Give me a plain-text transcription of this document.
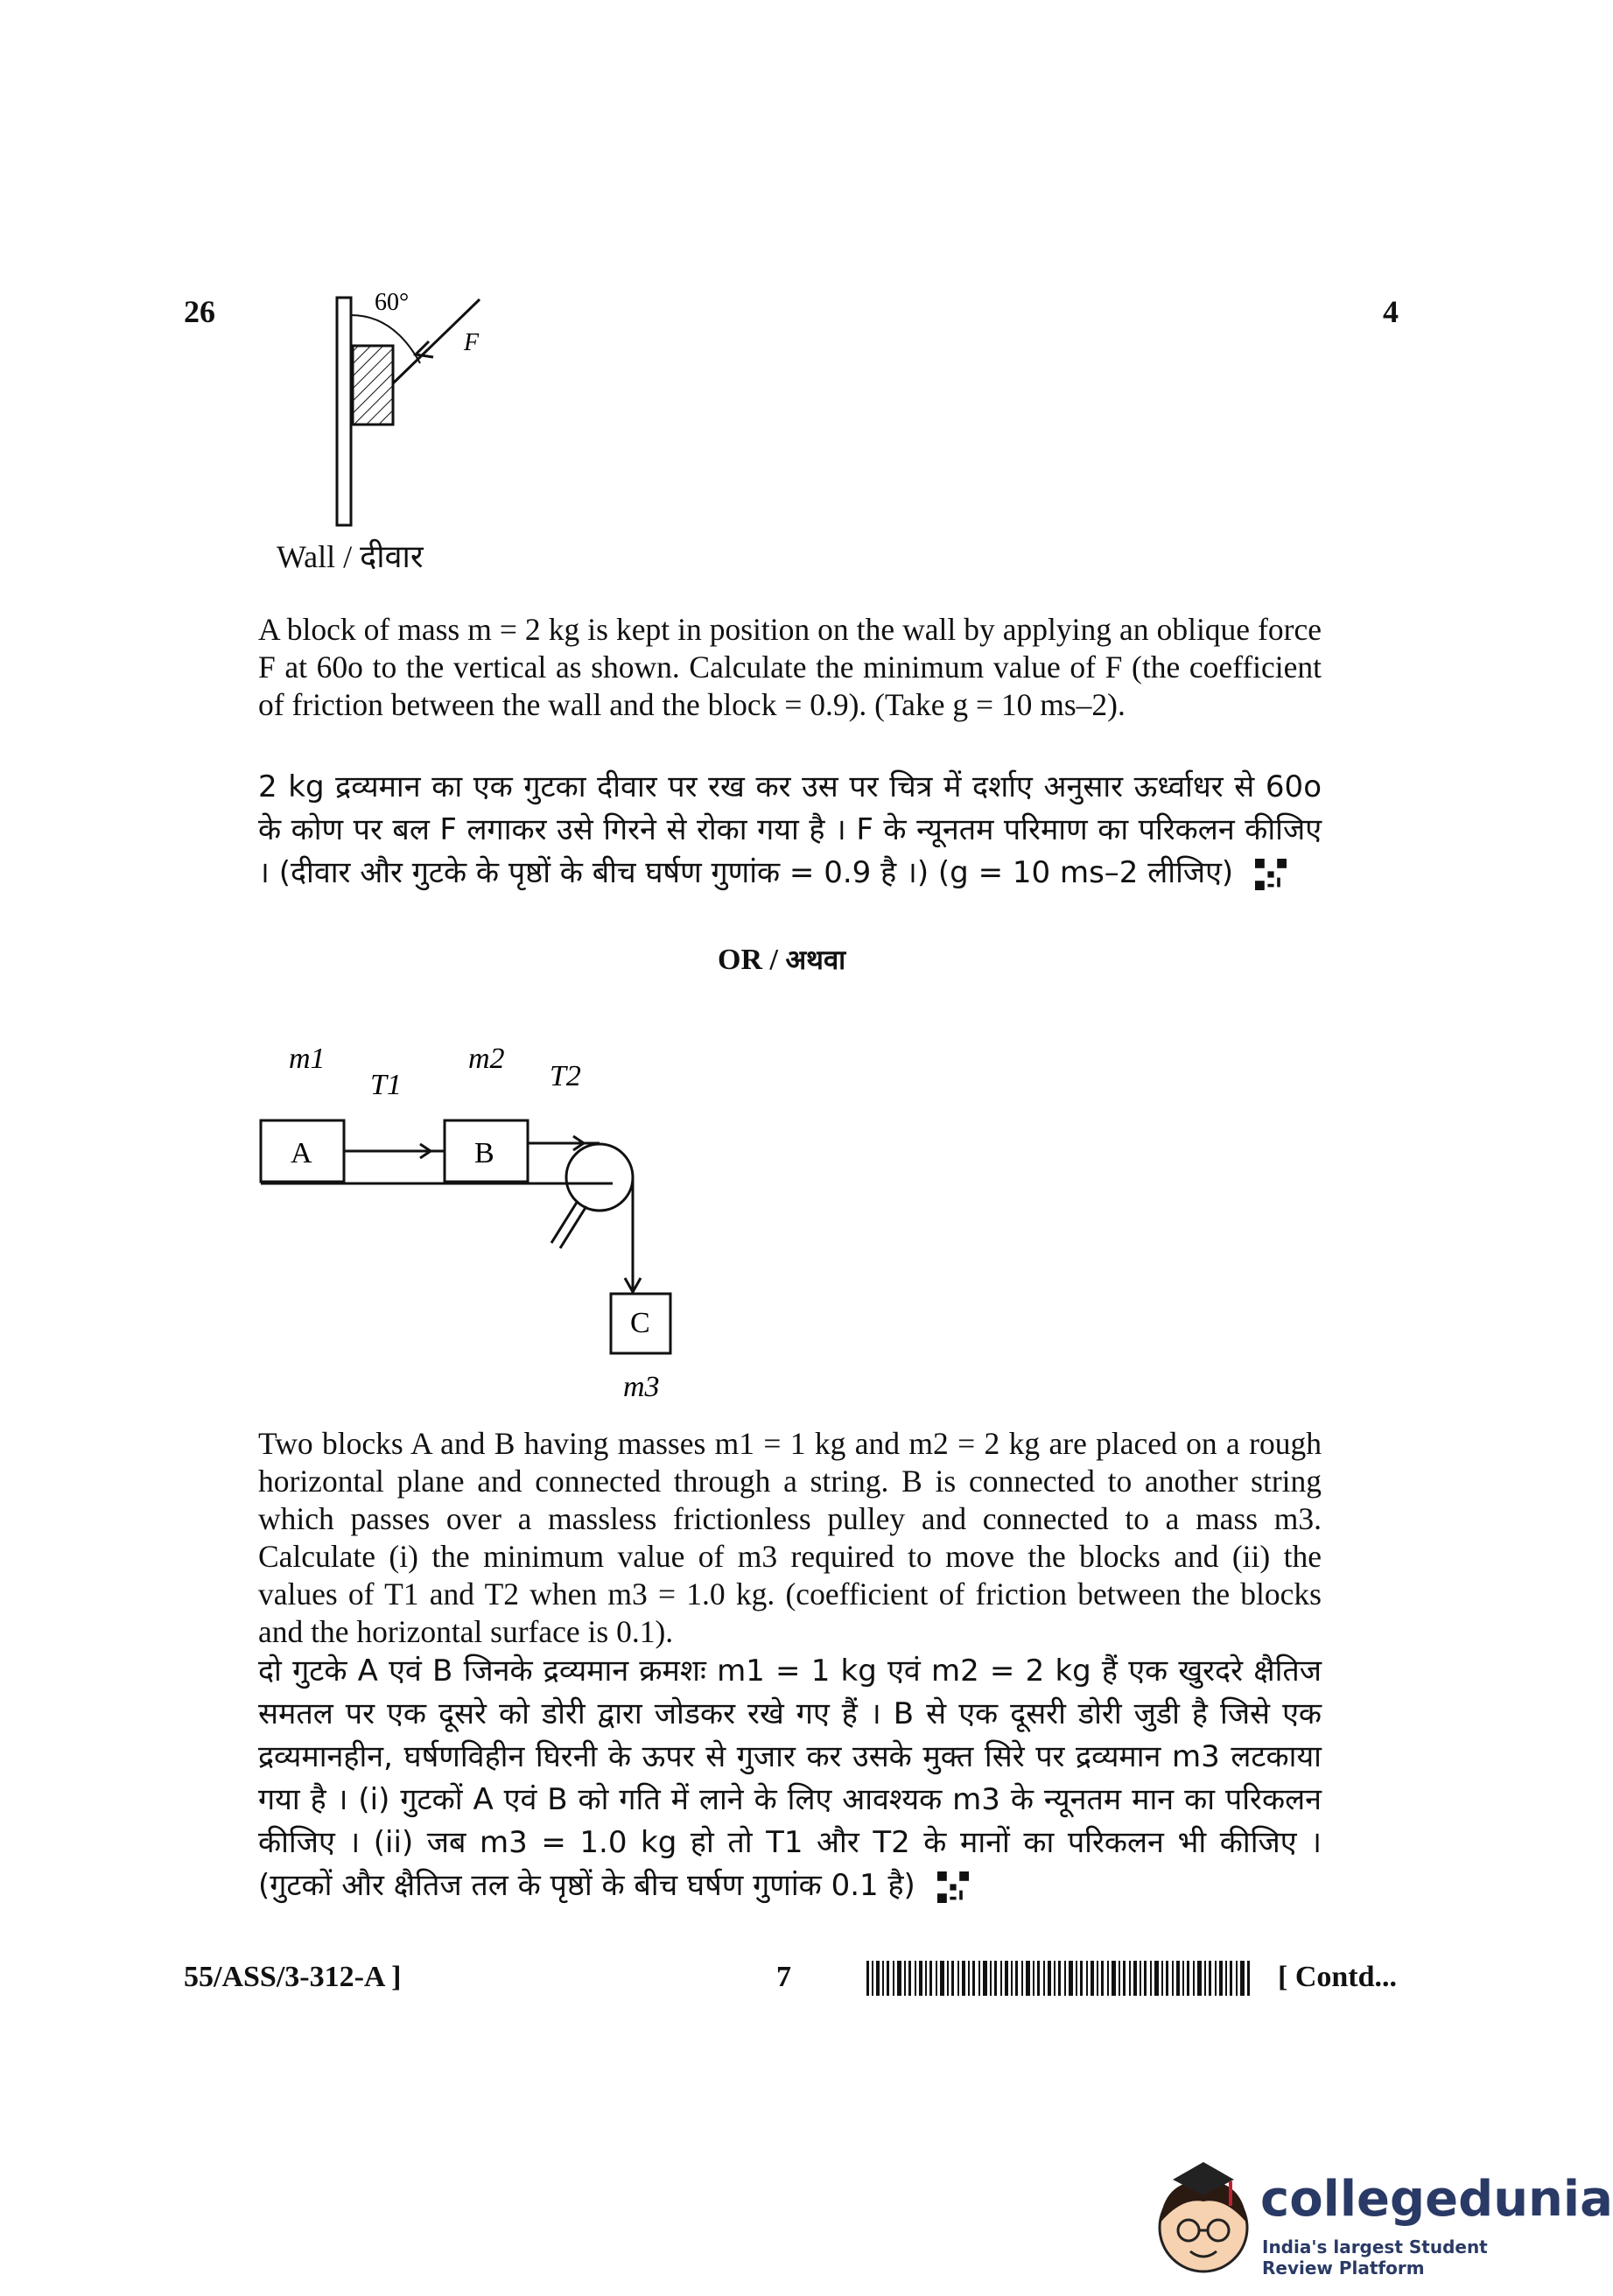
26	4
60°
F
Wall / दीवार
A block of mass m = 2 kg is kept in position on the wall by applying an oblique force F at 60o to the vertical as shown. Calculate the minimum value of F (the coefficient of friction between the wall and the block = 0.9). (Take g = 10 ms–2).
2 kg द्रव्यमान का एक गुटका दीवार पर रख कर उस पर चित्र में दर्शाए अनुसार ऊर्ध्वाधर से 60o के कोण पर बल F लगाकर उसे गिरने से रोका गया है । F के न्यूनतम परिमाण का परिकलन कीजिए । (दीवार और गुटके के पृष्ठों के बीच घर्षण गुणांक = 0.9 है ।) (g = 10 ms–2 लीजिए)
OR / अथवा
A	B
C
m1	m2
T1	T2
m3
Two blocks A and B having masses m1 = 1 kg and m2 = 2 kg are placed on a rough horizontal plane and connected through a string. B is connected to another string which passes over a massless frictionless pulley and connected to a mass m3. Calculate (i) the minimum value of m3 required to move the blocks and (ii) the values of T1 and T2 when m3 = 1.0 kg. (coefficient of friction between the blocks and the horizontal surface is 0.1).
दो गुटके A एवं B जिनके द्रव्यमान क्रमशः m1 = 1 kg एवं m2 = 2 kg हैं एक खुरदरे क्षैतिज समतल पर एक दूसरे को डोरी द्वारा जोडकर रखे गए हैं । B से एक दूसरी डोरी जुडी है जिसे एक द्रव्यमानहीन, घर्षणविहीन घिरनी के ऊपर से गुजार कर उसके मुक्त सिरे पर द्रव्यमान m3 लटकाया गया है । (i) गुटकों A एवं B को गति में लाने के लिए आवश्यक m3 के न्यूनतम मान का परिकलन कीजिए । (ii) जब m3 = 1.0 kg हो तो T1 और T2 के मानों का परिकलन भी कीजिए । (गुटकों और क्षैतिज तल के पृष्ठों के बीच घर्षण गुणांक 0.1 है)
55/ASS/3-312-A ]	7	[ Contd...
collegedunia
India's largest Student Review Platform
